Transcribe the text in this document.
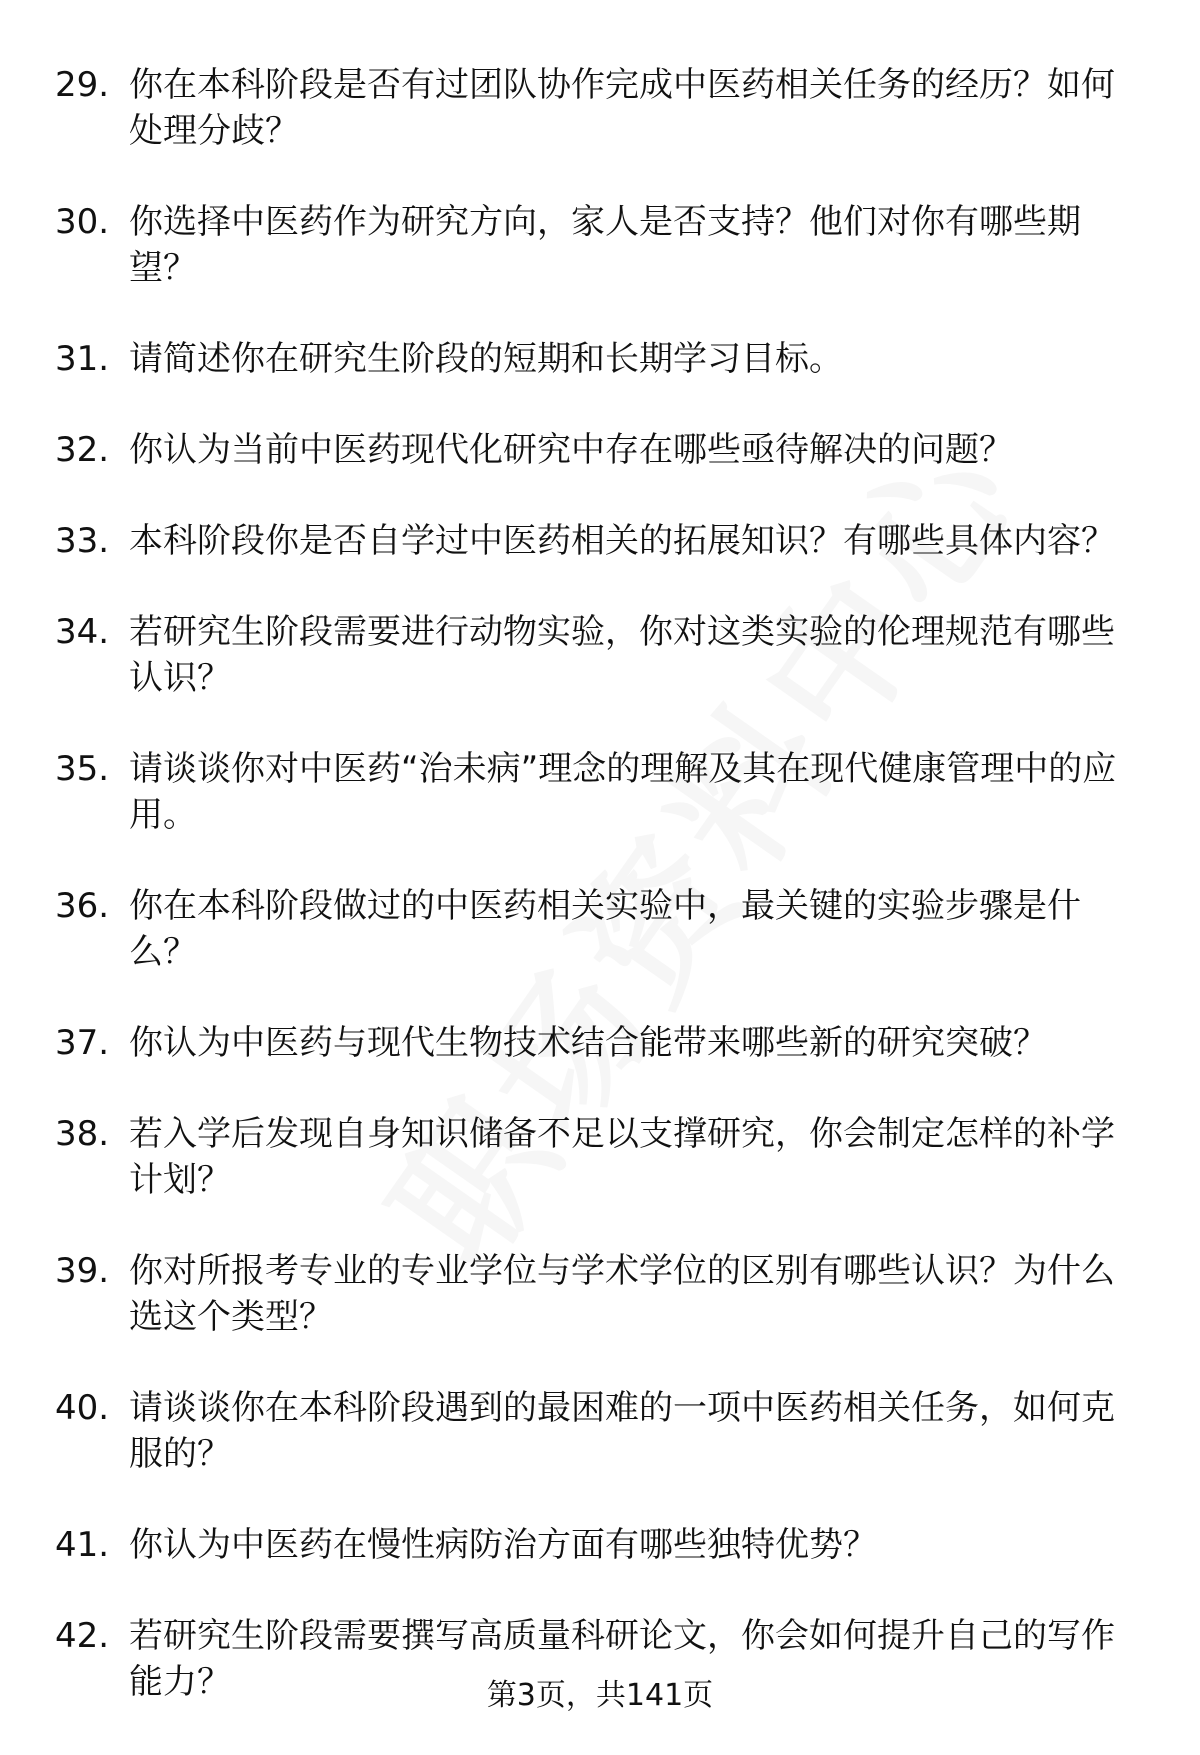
29. 你在本科阶段是否有过团队协作完成中医药相关任务的经历？如何处理分歧？
30. 你选择中医药作为研究方向，家人是否支持？他们对你有哪些期望？
31. 请简述你在研究生阶段的短期和长期学习目标。
32. 你认为当前中医药现代化研究中存在哪些亟待解决的问题？
33. 本科阶段你是否自学过中医药相关的拓展知识？有哪些具体内容？
34. 若研究生阶段需要进行动物实验，你对这类实验的伦理规范有哪些认识？
35. 请谈谈你对中医药“治未病”理念的理解及其在现代健康管理中的应用。
36. 你在本科阶段做过的中医药相关实验中，最关键的实验步骤是什么？
37. 你认为中医药与现代生物技术结合能带来哪些新的研究突破？
38. 若入学后发现自身知识储备不足以支撑研究，你会制定怎样的补学计划？
39. 你对所报考专业的专业学位与学术学位的区别有哪些认识？为什么选这个类型？
40. 请谈谈你在本科阶段遇到的最困难的一项中医药相关任务，如何克服的？
41. 你认为中医药在慢性病防治方面有哪些独特优势？
42. 若研究生阶段需要撰写高质量科研论文，你会如何提升自己的写作能力？	第3页，共141页
